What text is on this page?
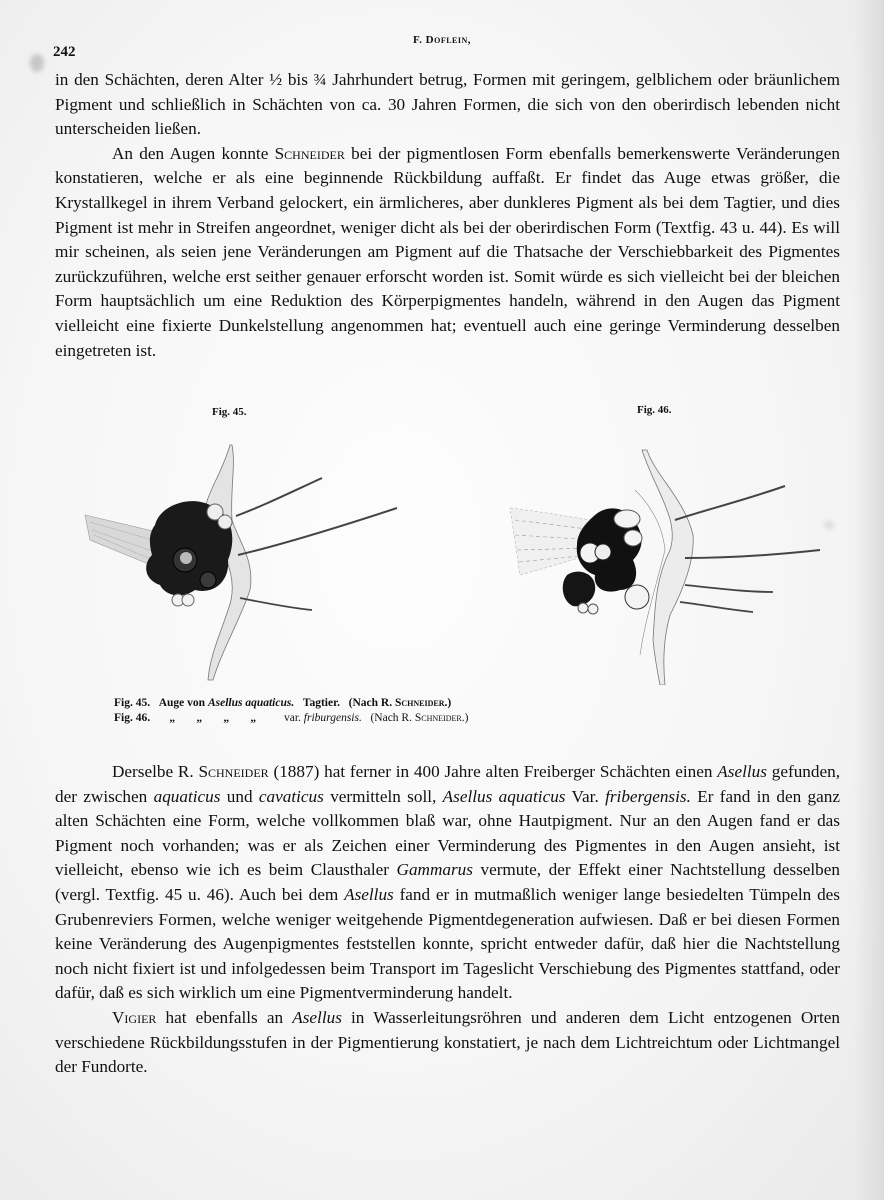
242
F. Doflein,

in den Schächten, deren Alter ½ bis ¾ Jahrhundert betrug, Formen mit geringem, gelblichem oder bräunlichem Pigment und schließlich in Schächten von ca. 30 Jahren Formen, die sich von den oberirdisch lebenden nicht unterscheiden ließen.

An den Augen konnte Schneider bei der pigmentlosen Form ebenfalls bemerkenswerte Veränderungen konstatieren, welche er als eine beginnende Rückbildung auffaßt. Er findet das Auge etwas größer, die Krystallkegel in ihrem Verband gelockert, ein ärmlicheres, aber dunkleres Pigment als bei dem Tagtier, und dies Pigment ist mehr in Streifen angeordnet, weniger dicht als bei der oberirdischen Form (Textfig. 43 u. 44). Es will mir scheinen, als seien jene Veränderungen am Pigment auf die Thatsache der Verschiebbarkeit des Pigmentes zurückzuführen, welche erst seither genauer erforscht worden ist. Somit würde es sich vielleicht bei der bleichen Form hauptsächlich um eine Reduktion des Körperpigmentes handeln, während in den Augen das Pigment vielleicht eine fixierte Dunkelstellung angenommen hat; eventuell auch eine geringe Verminderung desselben eingetreten ist.

Fig. 45.	Fig. 46.
Fig. 45. Auge von Asellus aquaticus. Tagtier. (Nach R. Schneider.)
Fig. 46. „ „ „ „ var. friburgensis. (Nach R. Schneider.)

Derselbe R. Schneider (1887) hat ferner in 400 Jahre alten Freiberger Schächten einen Asellus gefunden, der zwischen aquaticus und cavaticus vermitteln soll, Asellus aquaticus Var. fribergensis. Er fand in den ganz alten Schächten eine Form, welche vollkommen blaß war, ohne Hautpigment. Nur an den Augen fand er das Pigment noch vorhanden; was er als Zeichen einer Verminderung des Pigmentes in den Augen ansieht, ist vielleicht, ebenso wie ich es beim Clausthaler Gammarus vermute, der Effekt einer Nachtstellung desselben (vergl. Textfig. 45 u. 46). Auch bei dem Asellus fand er in mutmaßlich weniger lange besiedelten Tümpeln des Grubenreviers Formen, welche weniger weitgehende Pigmentdegeneration aufwiesen. Daß er bei diesen Formen keine Veränderung des Augenpigmentes feststellen konnte, spricht entweder dafür, daß hier die Nachtstellung noch nicht fixiert ist und infolgedessen beim Transport im Tageslicht Verschiebung des Pigmentes stattfand, oder dafür, daß es sich wirklich um eine Pigmentverminderung handelt.

Vigier hat ebenfalls an Asellus in Wasserleitungsröhren und anderen dem Licht entzogenen Orten verschiedene Rückbildungsstufen in der Pigmentierung konstatiert, je nach dem Lichtreichtum oder Lichtmangel der Fundorte.
